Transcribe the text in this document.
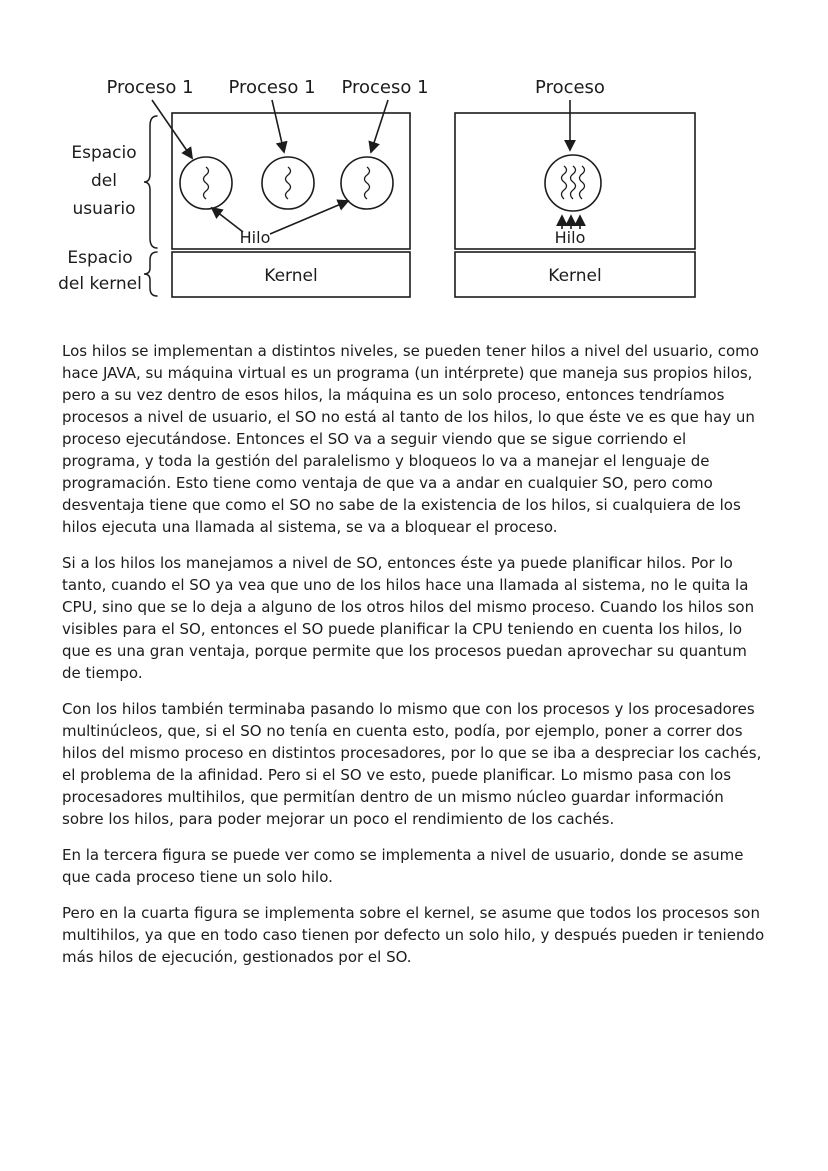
Proceso 1 Proceso 1 Proceso 1
Kernel
Hilo
Espacio
del
usuario
Espacio
del kernel
Proceso
Kernel
Hilo

Los hilos se implementan a distintos niveles, se pueden tener hilos a nivel del usuario, como hace JAVA, su máquina virtual es un programa (un intérprete) que maneja sus propios hilos, pero a su vez dentro de esos hilos, la máquina es un solo proceso, entonces tendríamos procesos a nivel de usuario, el SO no está al tanto de los hilos, lo que éste ve es que hay un proceso ejecutándose. Entonces el SO va a seguir viendo que se sigue corriendo el programa, y toda la gestión del paralelismo y bloqueos lo va a manejar el lenguaje de programación. Esto tiene como ventaja de que va a andar en cualquier SO, pero como desventaja tiene que como el SO no sabe de la existencia de los hilos, si cualquiera de los hilos ejecuta una llamada al sistema, se va a bloquear el proceso.

Si a los hilos los manejamos a nivel de SO, entonces éste ya puede planificar hilos. Por lo tanto, cuando el SO ya vea que uno de los hilos hace una llamada al sistema, no le quita la CPU, sino que se lo deja a alguno de los otros hilos del mismo proceso. Cuando los hilos son visibles para el SO, entonces el SO puede planificar la CPU teniendo en cuenta los hilos, lo que es una gran ventaja, porque permite que los procesos puedan aprovechar su quantum de tiempo.

Con los hilos también terminaba pasando lo mismo que con los procesos y los procesadores multinúcleos, que, si el SO no tenía en cuenta esto, podía, por ejemplo, poner a correr dos hilos del mismo proceso en distintos procesadores, por lo que se iba a despreciar los cachés, el problema de la afinidad. Pero si el SO ve esto, puede planificar. Lo mismo pasa con los procesadores multihilos, que permitían dentro de un mismo núcleo guardar información sobre los hilos, para poder mejorar un poco el rendimiento de los cachés.

En la tercera figura se puede ver como se implementa a nivel de usuario, donde se asume que cada proceso tiene un solo hilo.

Pero en la cuarta figura se implementa sobre el kernel, se asume que todos los procesos son multihilos, ya que en todo caso tienen por defecto un solo hilo, y después pueden ir teniendo más hilos de ejecución, gestionados por el SO.
